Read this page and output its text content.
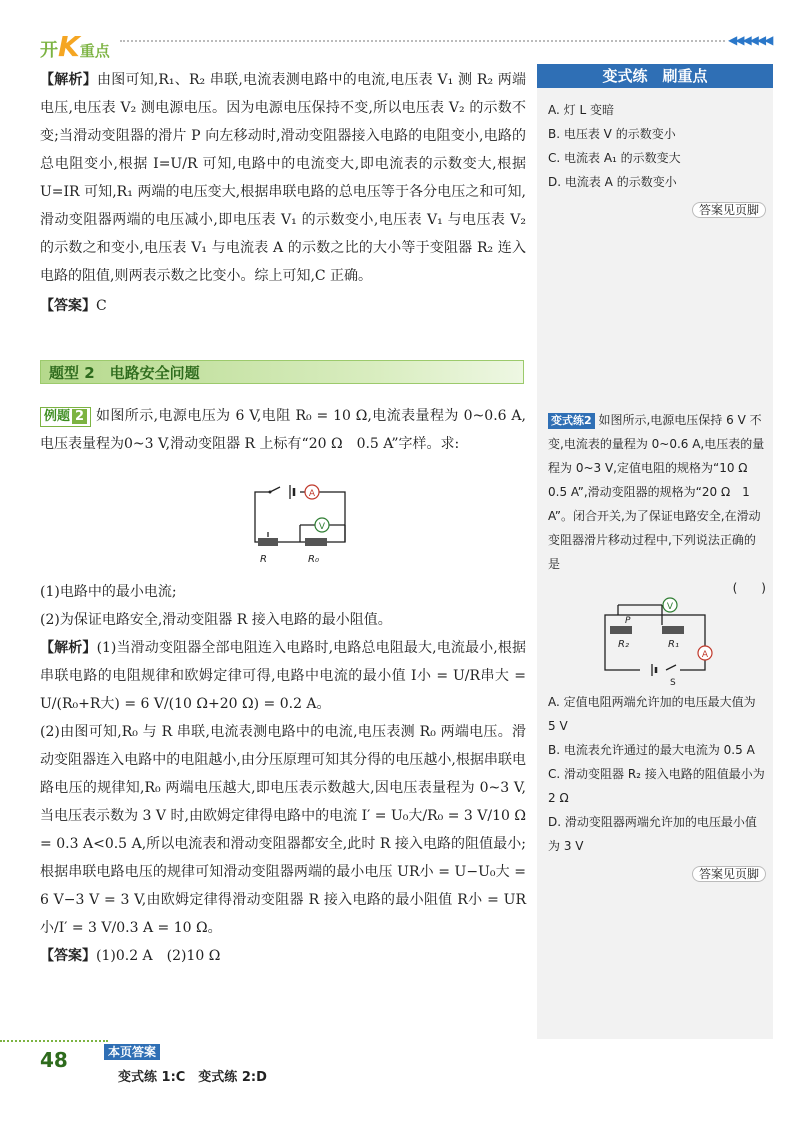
开K重点
◀◀◀◀◀◀

【解析】由图可知,R₁、R₂ 串联,电流表测电路中的电流,电压表 V₁ 测 R₂ 两端电压,电压表 V₂ 测电源电压。因为电源电压保持不变,所以电压表 V₂ 的示数不变;当滑动变阻器的滑片 P 向左移动时,滑动变阻器接入电路的电阻变小,电路的总电阻变小,根据 I=U/R 可知,电路中的电流变大,即电流表的示数变大,根据 U=IR 可知,R₁ 两端的电压变大,根据串联电路的总电压等于各分电压之和可知,滑动变阻器两端的电压减小,即电压表 V₁ 的示数变小,电压表 V₁ 与电压表 V₂ 的示数之和变小,电压表 V₁ 与电流表 A 的示数之比的大小等于变阻器 R₂ 连入电路的阻值,则两表示数之比变小。综上可知,C 正确。

【答案】C

题型 2　电路安全问题

例题 2 如图所示,电源电压为 6 V,电阻 R₀ = 10 Ω,电流表量程为 0~0.6 A,电压表量程为0~3 V,滑动变阻器 R 上标有“20 Ω　0.5 A”字样。求:

A
V
R	R₀

(1)电路中的最小电流;

(2)为保证电路安全,滑动变阻器 R 接入电路的最小阻值。

【解析】(1)当滑动变阻器全部电阻连入电路时,电路总电阻最大,电流最小,根据串联电路的电阻规律和欧姆定律可得,电路中电流的最小值 I小 = U/R串大 = U/(R₀+R大) = 6 V/(10 Ω+20 Ω) = 0.2 A。

(2)由图可知,R₀ 与 R 串联,电流表测电路中的电流,电压表测 R₀ 两端电压。滑动变阻器连入电路中的电阻越小,由分压原理可知其分得的电压越小,根据串联电路电压的规律知,R₀ 两端电压越大,即电压表示数越大,因电压表量程为 0~3 V,当电压表示数为 3 V 时,由欧姆定律得电路中的电流 I′ = U₀大/R₀ = 3 V/10 Ω = 0.3 A<0.5 A,所以电流表和滑动变阻器都安全,此时 R 接入电路的阻值最小;根据串联电路电压的规律可知滑动变阻器两端的最小电压 UR小 = U−U₀大 = 6 V−3 V = 3 V,由欧姆定律得滑动变阻器 R 接入电路的最小阻值 R小 = UR小/I′ = 3 V/0.3 A = 10 Ω。

【答案】(1)0.2 A　(2)10 Ω

变式练　刷重点
A. 灯 L 变暗
B. 电压表 V 的示数变小
C. 电流表 A₁ 的示数变大
D. 电流表 A 的示数变小
答案见页脚
变式练2 如图所示,电源电压保持 6 V 不变,电流表的量程为 0~0.6 A,电压表的量程为 0~3 V,定值电阻的规格为“10 Ω　0.5 A”,滑动变阻器的规格为“20 Ω　1 A”。闭合开关,为了保证电路安全,在滑动变阻器滑片移动过程中,下列说法正确的是
(　　)
V
P
R₂	R₁
S
A
A. 定值电阻两端允许加的电压最大值为 5 V
B. 电流表允许通过的最大电流为 0.5 A
C. 滑动变阻器 R₂ 接入电路的阻值最小为 2 Ω
D. 滑动变阻器两端允许加的电压最小值为 3 V
答案见页脚
48	本页答案
变式练 1:C　变式练 2:D
